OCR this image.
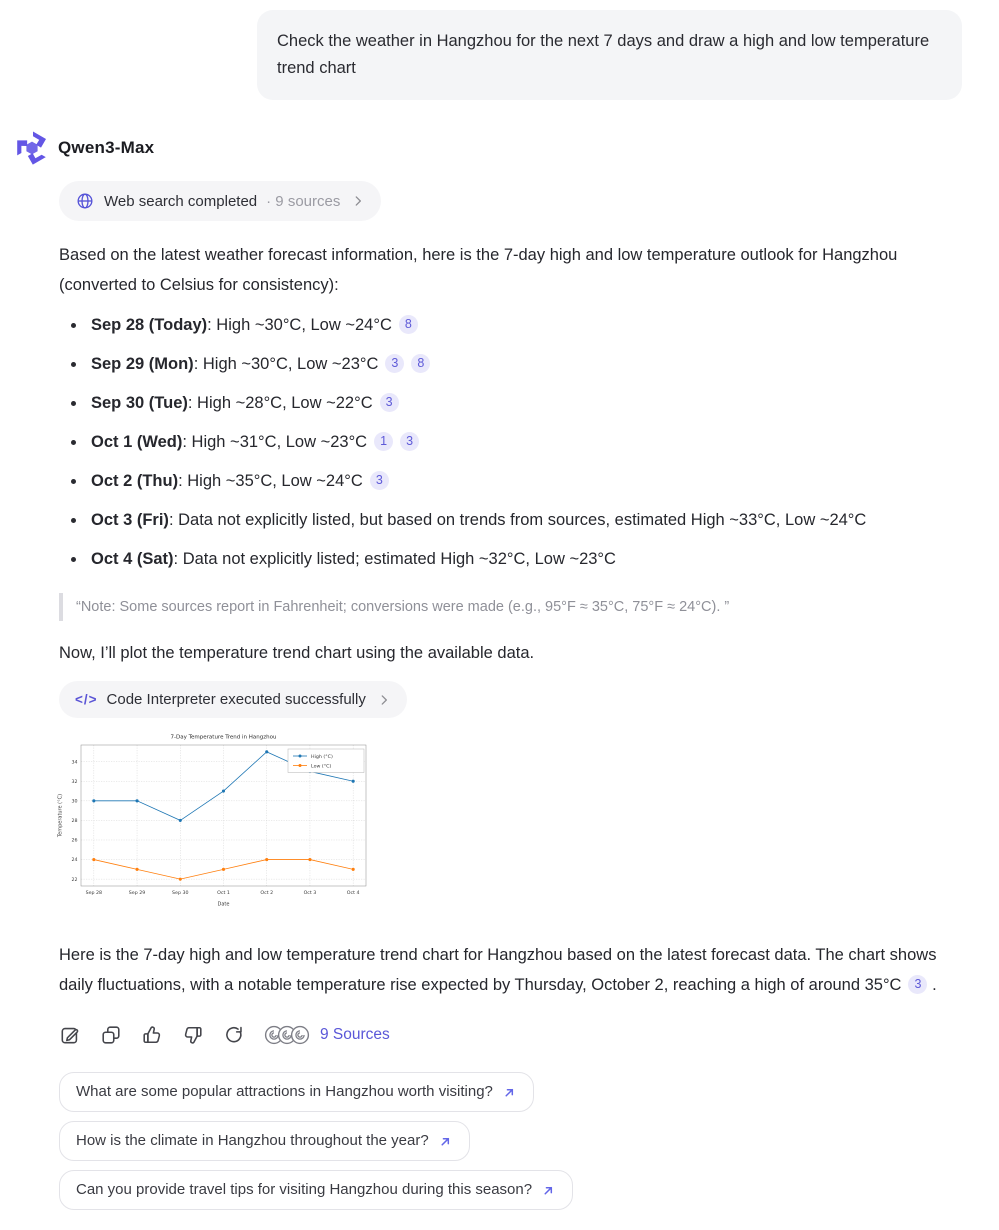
Check the weather in Hangzhou for the next 7 days and draw a high and low temperature trend chart
Qwen3-Max
Web search completed · 9 sources

Based on the latest weather forecast information, here is the 7-day high and low temperature outlook for Hangzhou (converted to Celsius for consistency):

Sep 28 (Today): High ~30°C, Low ~24°C 8
Sep 29 (Mon): High ~30°C, Low ~23°C 3 8
Sep 30 (Tue): High ~28°C, Low ~22°C 3
Oct 1 (Wed): High ~31°C, Low ~23°C 1 3
Oct 2 (Thu): High ~35°C, Low ~24°C 3
Oct 3 (Fri): Data not explicitly listed, but based on trends from sources, estimated High ~33°C, Low ~24°C
Oct 4 (Sat): Data not explicitly listed; estimated High ~32°C, Low ~23°C
“Note: Some sources report in Fahrenheit; conversions were made (e.g., 95°F ≈ 35°C, 75°F ≈ 24°C). ”

Now, I’ll plot the temperature trend chart using the available data.

</> Code Interpreter executed successfully
22
24
26
28
30
32
34
Sep 28	Sep 29	Sep 30	Oct 1	Oct 2	Oct 3	Oct 4
7-Day Temperature Trend in Hangzhou
Date
Temperature (°C)
High (°C)
Low (°C)

Here is the 7-day high and low temperature trend chart for Hangzhou based on the latest forecast data. The chart shows daily fluctuations, with a notable temperature rise expected by Thursday, October 2, reaching a high of around 35°C 3 .

9 Sources
What are some popular attractions in Hangzhou worth visiting?
How is the climate in Hangzhou throughout the year?
Can you provide travel tips for visiting Hangzhou during this season?
